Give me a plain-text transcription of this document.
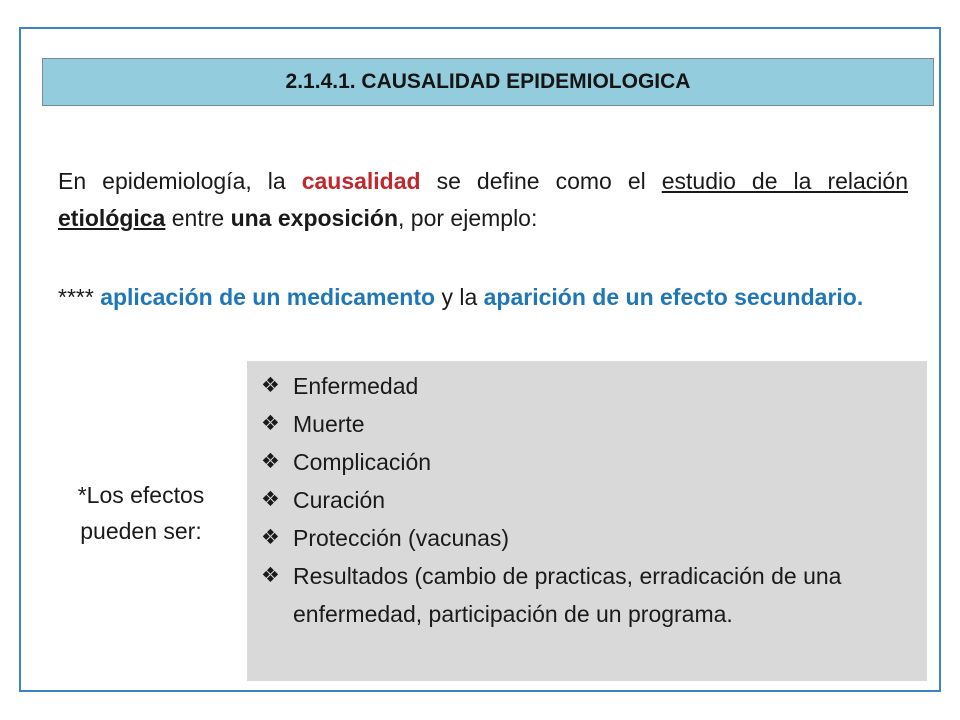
2.1.4.1. CAUSALIDAD EPIDEMIOLOGICA

En epidemiología, la causalidad se define como el estudio de la relación etiológica entre una exposición, por ejemplo:

**** aplicación de un medicamento y la aparición de un efecto secundario.

*Los efectos
pueden ser:
❖ Enfermedad
❖ Muerte
❖ Complicación
❖ Curación
❖ Protección (vacunas)
❖ Resultados (cambio de practicas, erradicación de una enfermedad, participación de un programa.
